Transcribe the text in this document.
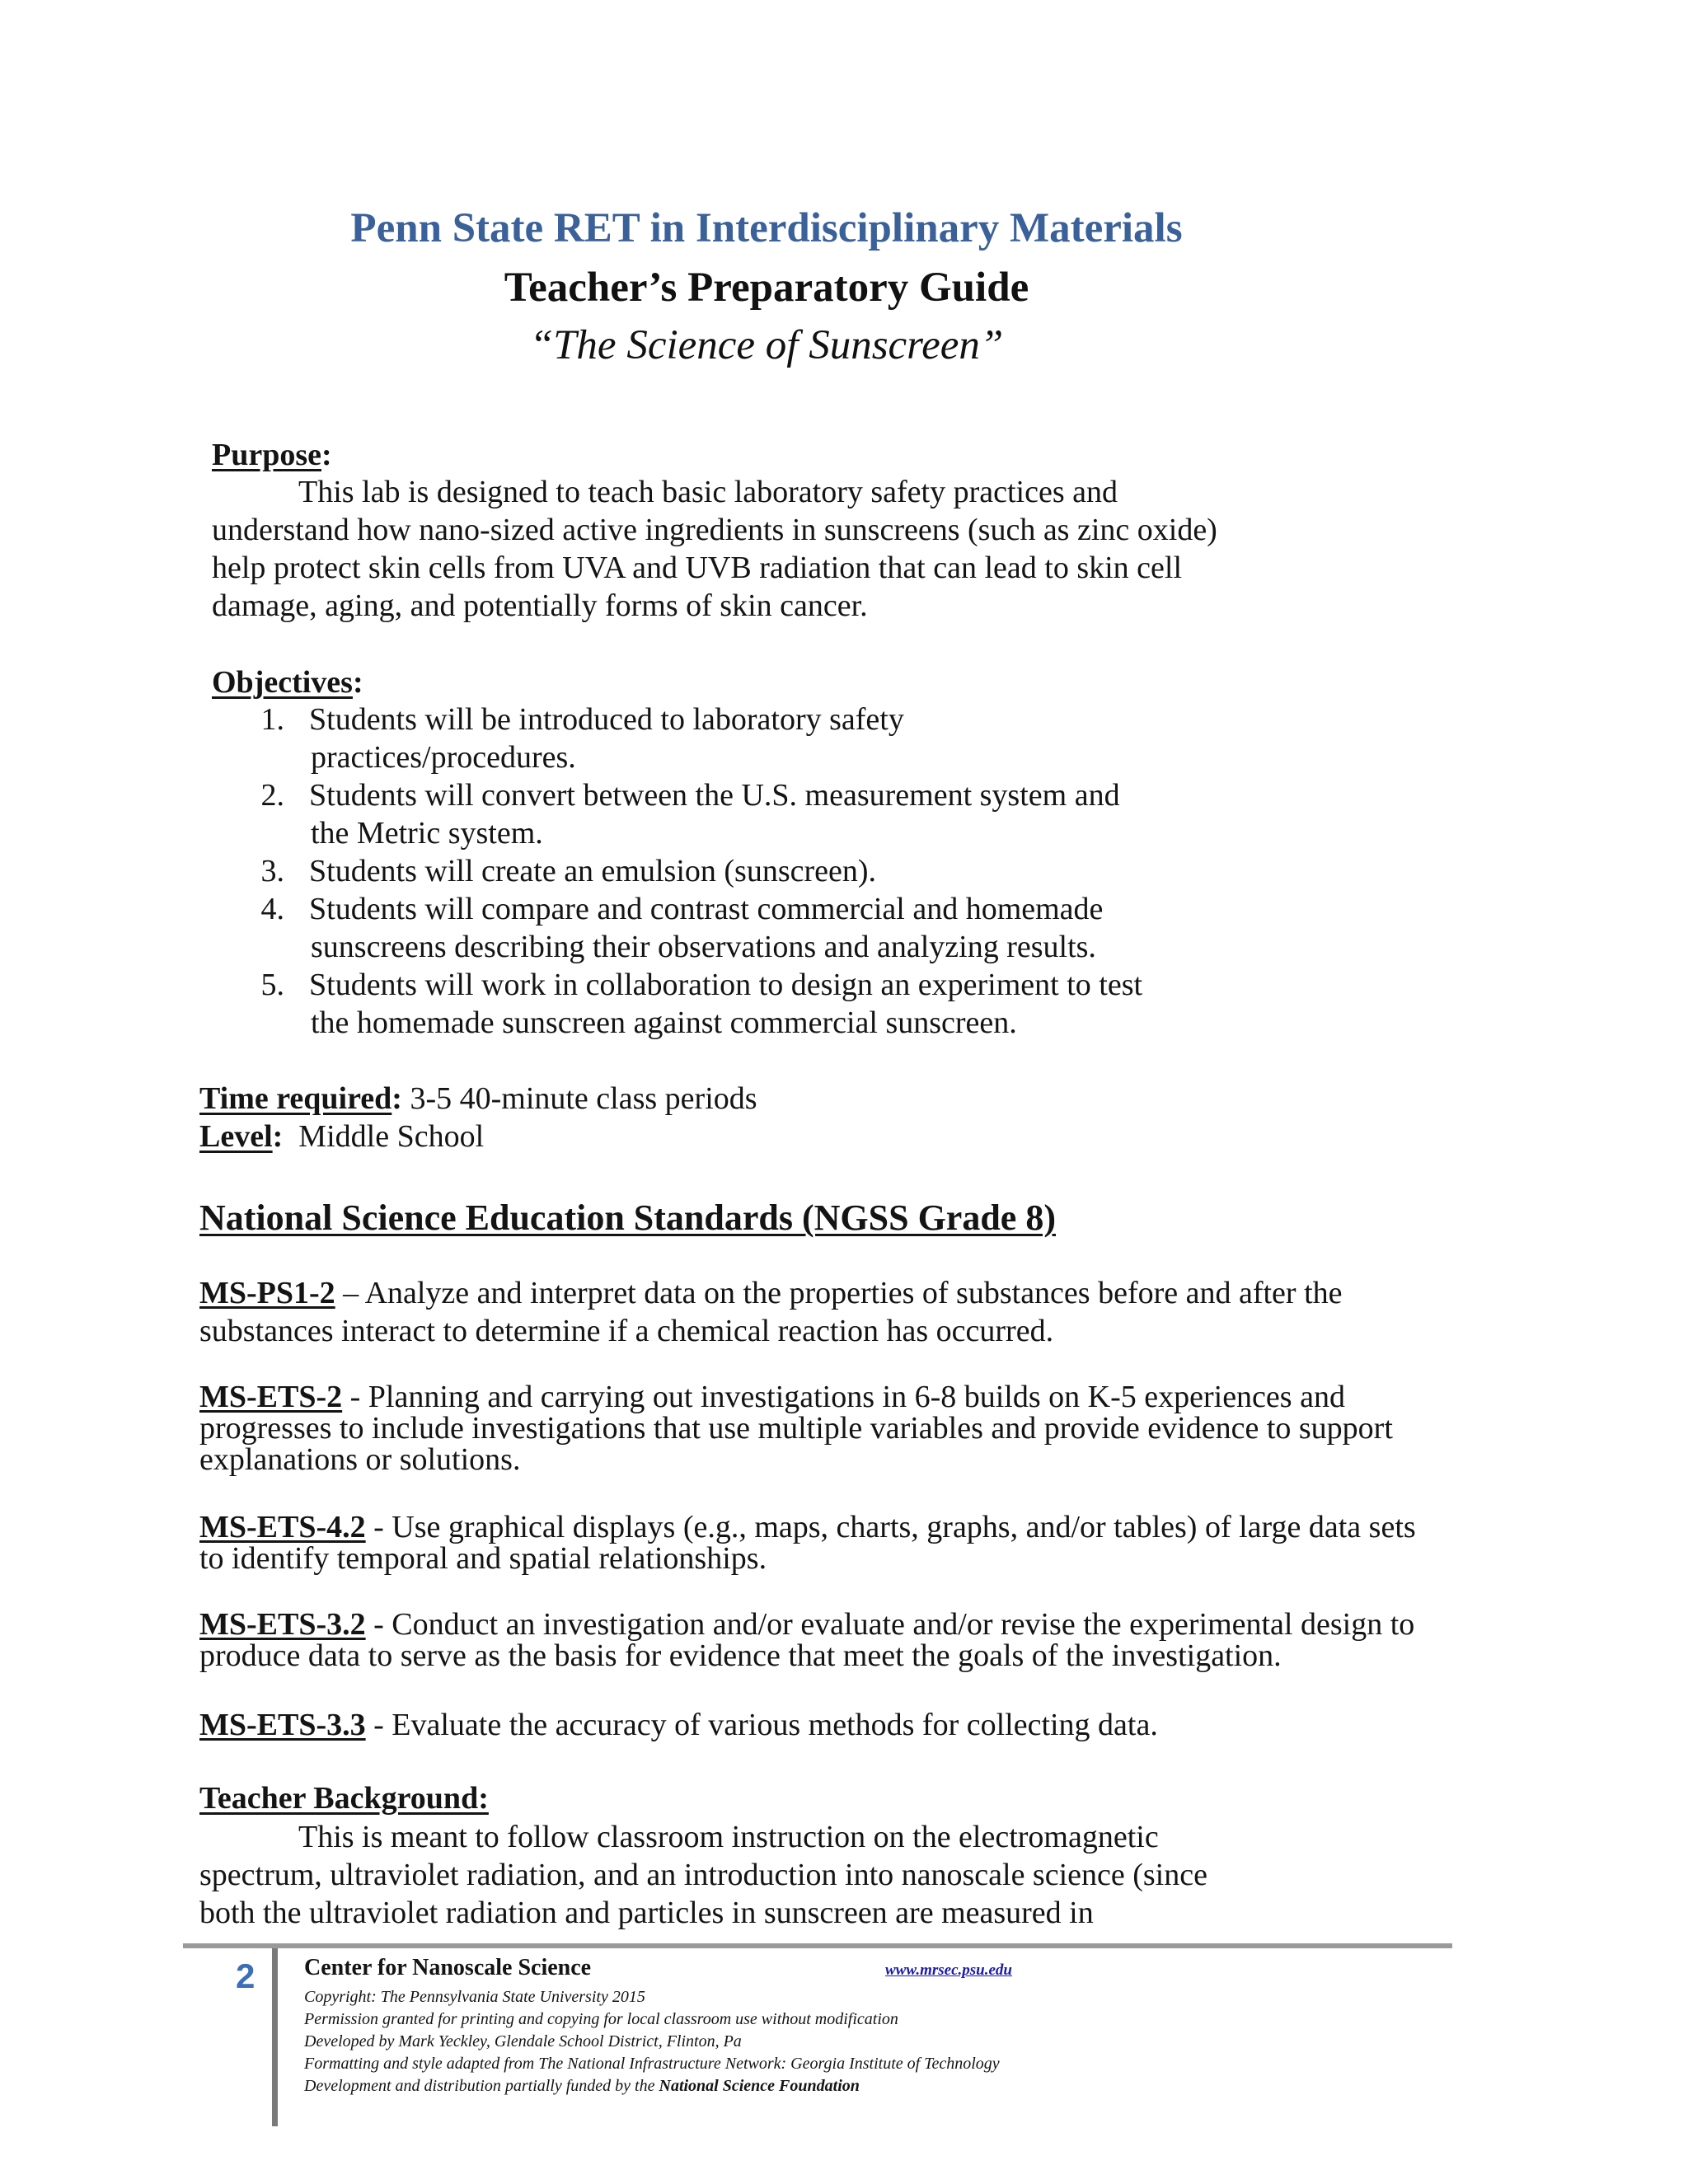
Penn State RET in Interdisciplinary Materials
Teacher’s Preparatory Guide
“The Science of Sunscreen”
Purpose:
This lab is designed to teach basic laboratory safety practices and
understand how nano-sized active ingredients in sunscreens (such as zinc oxide)
help protect skin cells from UVA and UVB radiation that can lead to skin cell
damage, aging, and potentially forms of skin cancer.
Objectives:
1. Students will be introduced to laboratory safety
practices/procedures.
2. Students will convert between the U.S. measurement system and
the Metric system.
3. Students will create an emulsion (sunscreen).
4. Students will compare and contrast commercial and homemade
sunscreens describing their observations and analyzing results.
5. Students will work in collaboration to design an experiment to test
the homemade sunscreen against commercial sunscreen.
Time required: 3-5 40-minute class periods
Level: Middle School
National Science Education Standards (NGSS Grade 8)
MS-PS1-2 – Analyze and interpret data on the properties of substances before and after the
substances interact to determine if a chemical reaction has occurred.
MS-ETS-2 - Planning and carrying out investigations in 6-8 builds on K-5 experiences and
progresses to include investigations that use multiple variables and provide evidence to support
explanations or solutions.
MS-ETS-4.2 - Use graphical displays (e.g., maps, charts, graphs, and/or tables) of large data sets
to identify temporal and spatial relationships.
MS-ETS-3.2 - Conduct an investigation and/or evaluate and/or revise the experimental design to
produce data to serve as the basis for evidence that meet the goals of the investigation.
MS-ETS-3.3 - Evaluate the accuracy of various methods for collecting data.
Teacher Background:
This is meant to follow classroom instruction on the electromagnetic
spectrum, ultraviolet radiation, and an introduction into nanoscale science (since
both the ultraviolet radiation and particles in sunscreen are measured in
2 Center for Nanoscale Science	www.mrsec.psu.edu
Copyright: The Pennsylvania State University 2015
Permission granted for printing and copying for local classroom use without modification
Developed by Mark Yeckley, Glendale School District, Flinton, Pa
Formatting and style adapted from The National Infrastructure Network: Georgia Institute of Technology
Development and distribution partially funded by the National Science Foundation
